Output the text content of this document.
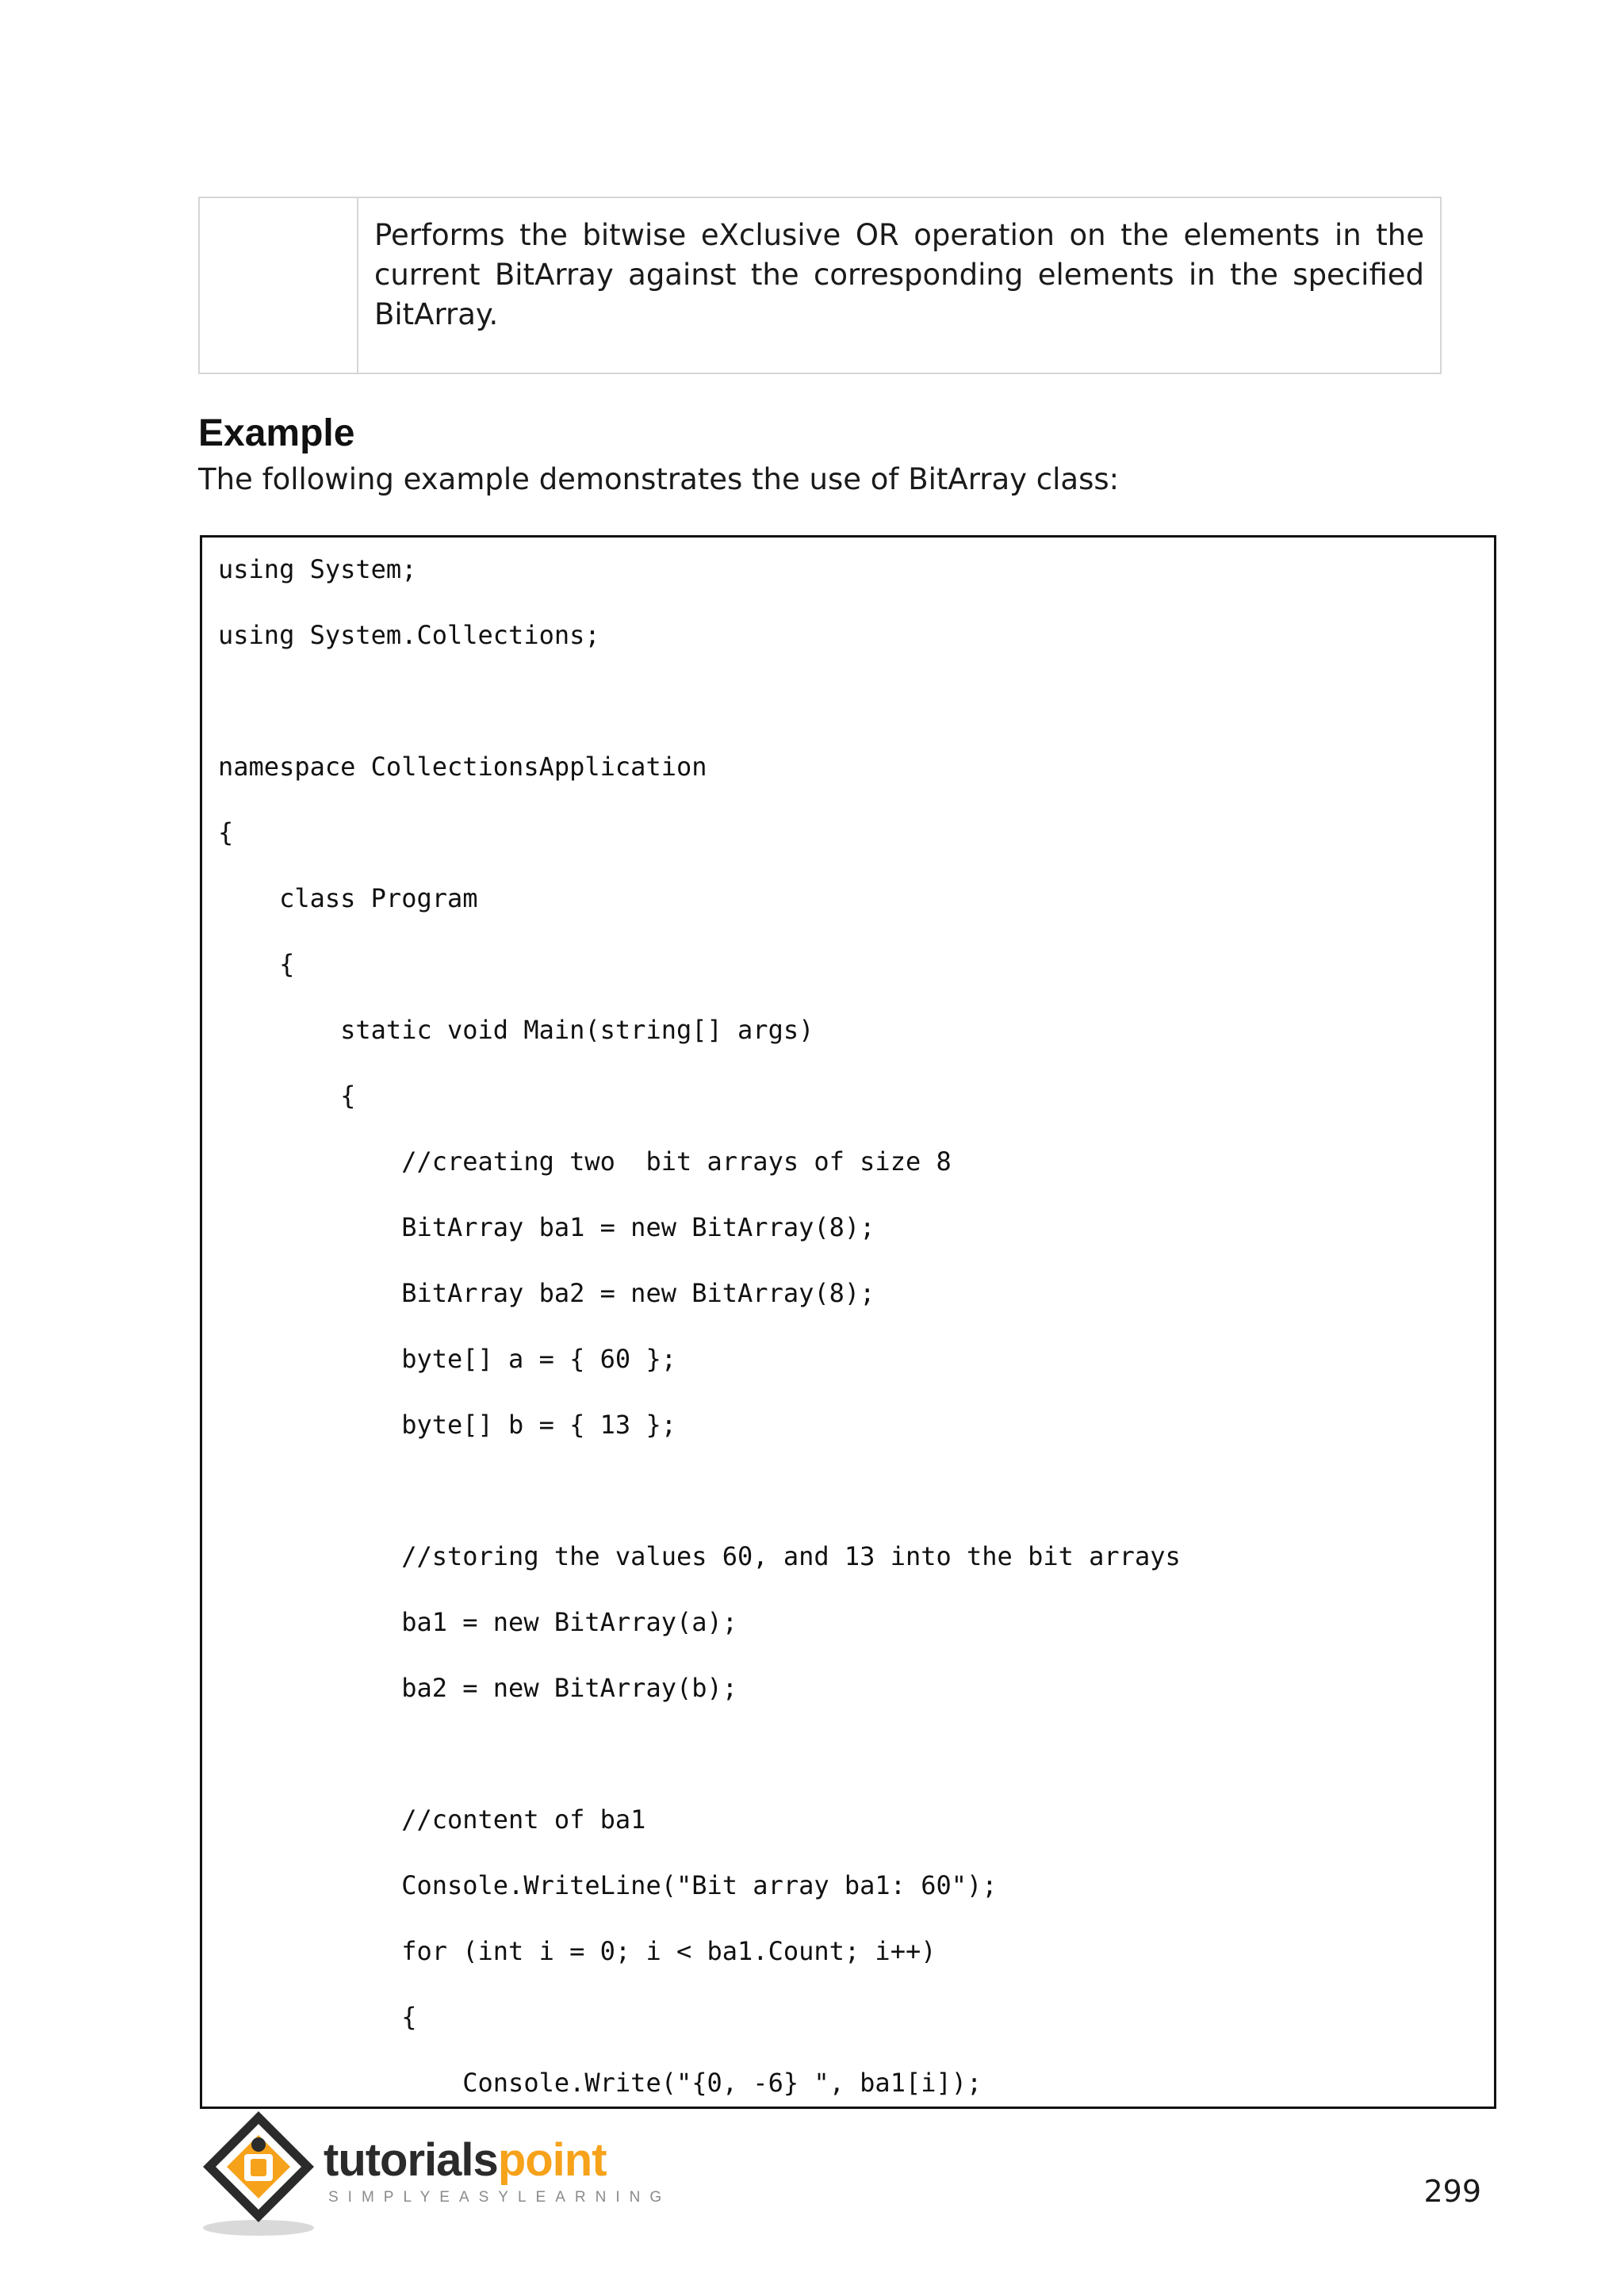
Performs the bitwise eXclusive OR operation on the elements in the current BitArray against the corresponding elements in the specified BitArray.
Example

The following example demonstrates the use of BitArray class:

using System;
using System.Collections;
namespace CollectionsApplication
{
class Program
{
static void Main(string[] args)
{
//creating two  bit arrays of size 8
BitArray ba1 = new BitArray(8);
BitArray ba2 = new BitArray(8);
byte[] a = { 60 };
byte[] b = { 13 };
//storing the values 60, and 13 into the bit arrays
ba1 = new BitArray(a);
ba2 = new BitArray(b);
//content of ba1
Console.WriteLine("Bit array ba1: 60");
for (int i = 0; i < ba1.Count; i++)
{
Console.Write("{0, -6} ", ba1[i]);
tutorialspoint
SIMPLYEASYLEARNING	299
